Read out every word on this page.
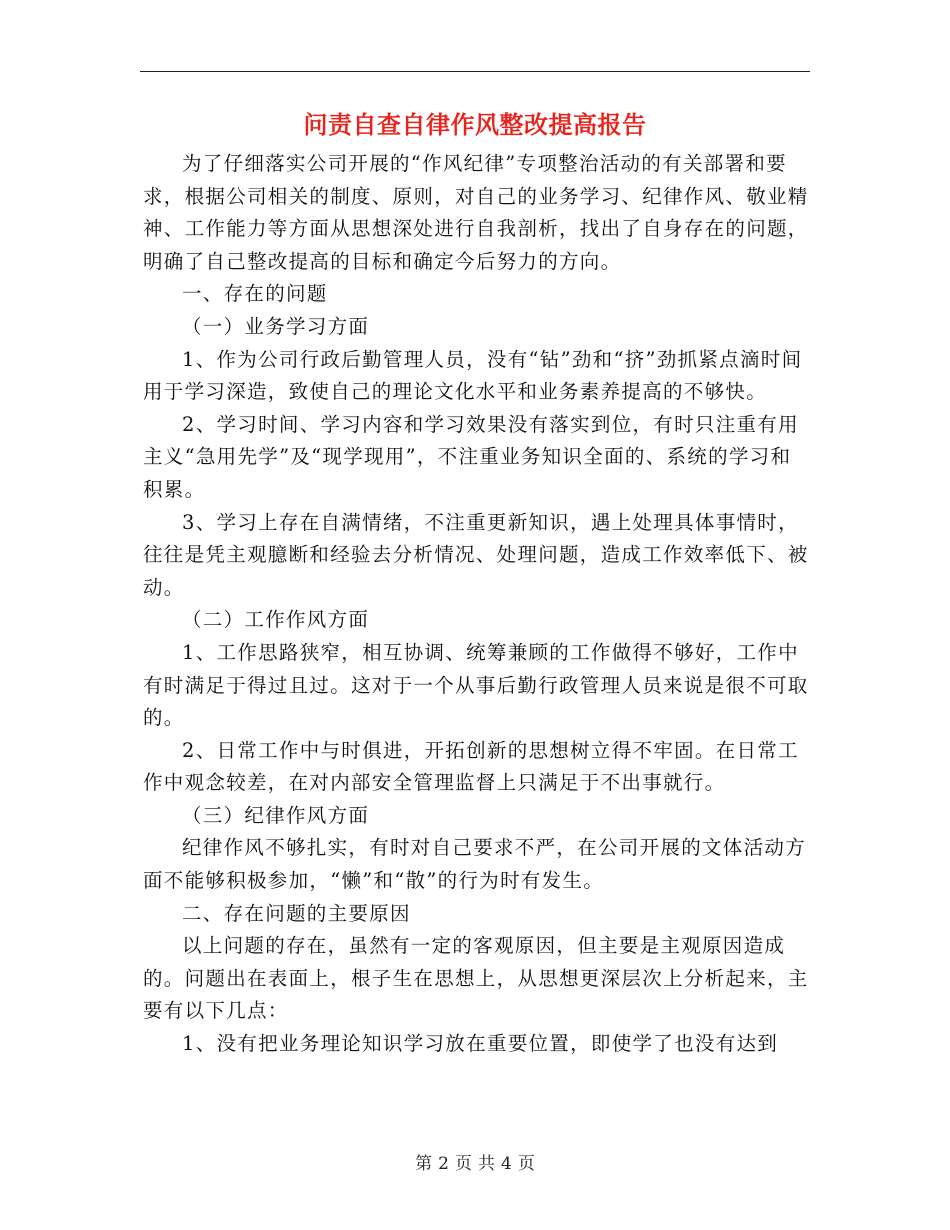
问责自查自律作风整改提高报告

为了仔细落实公司开展的“作风纪律”专项整治活动的有关部署和要求，根据公司相关的制度、原则，对自己的业务学习、纪律作风、敬业精神、工作能力等方面从思想深处进行自我剖析，找出了自身存在的问题，明确了自己整改提高的目标和确定今后努力的方向。

一、存在的问题

（一）业务学习方面

1、作为公司行政后勤管理人员，没有“钻”劲和“挤”劲抓紧点滴时间用于学习深造，致使自己的理论文化水平和业务素养提高的不够快。

2、学习时间、学习内容和学习效果没有落实到位，有时只注重有用主义“急用先学”及“现学现用”，不注重业务知识全面的、系统的学习和积累。

3、学习上存在自满情绪，不注重更新知识，遇上处理具体事情时，往往是凭主观臆断和经验去分析情况、处理问题，造成工作效率低下、被动。

（二）工作作风方面

1、工作思路狭窄，相互协调、统筹兼顾的工作做得不够好，工作中有时满足于得过且过。这对于一个从事后勤行政管理人员来说是很不可取的。

2、日常工作中与时俱进，开拓创新的思想树立得不牢固。在日常工作中观念较差，在对内部安全管理监督上只满足于不出事就行。

（三）纪律作风方面

纪律作风不够扎实，有时对自己要求不严，在公司开展的文体活动方面不能够积极参加，“懒”和“散”的行为时有发生。

二、存在问题的主要原因

以上问题的存在，虽然有一定的客观原因，但主要是主观原因造成的。问题出在表面上，根子生在思想上，从思想更深层次上分析起来，主要有以下几点：

1、没有把业务理论知识学习放在重要位置，即使学了也没有达到

第 2 页 共 4 页
